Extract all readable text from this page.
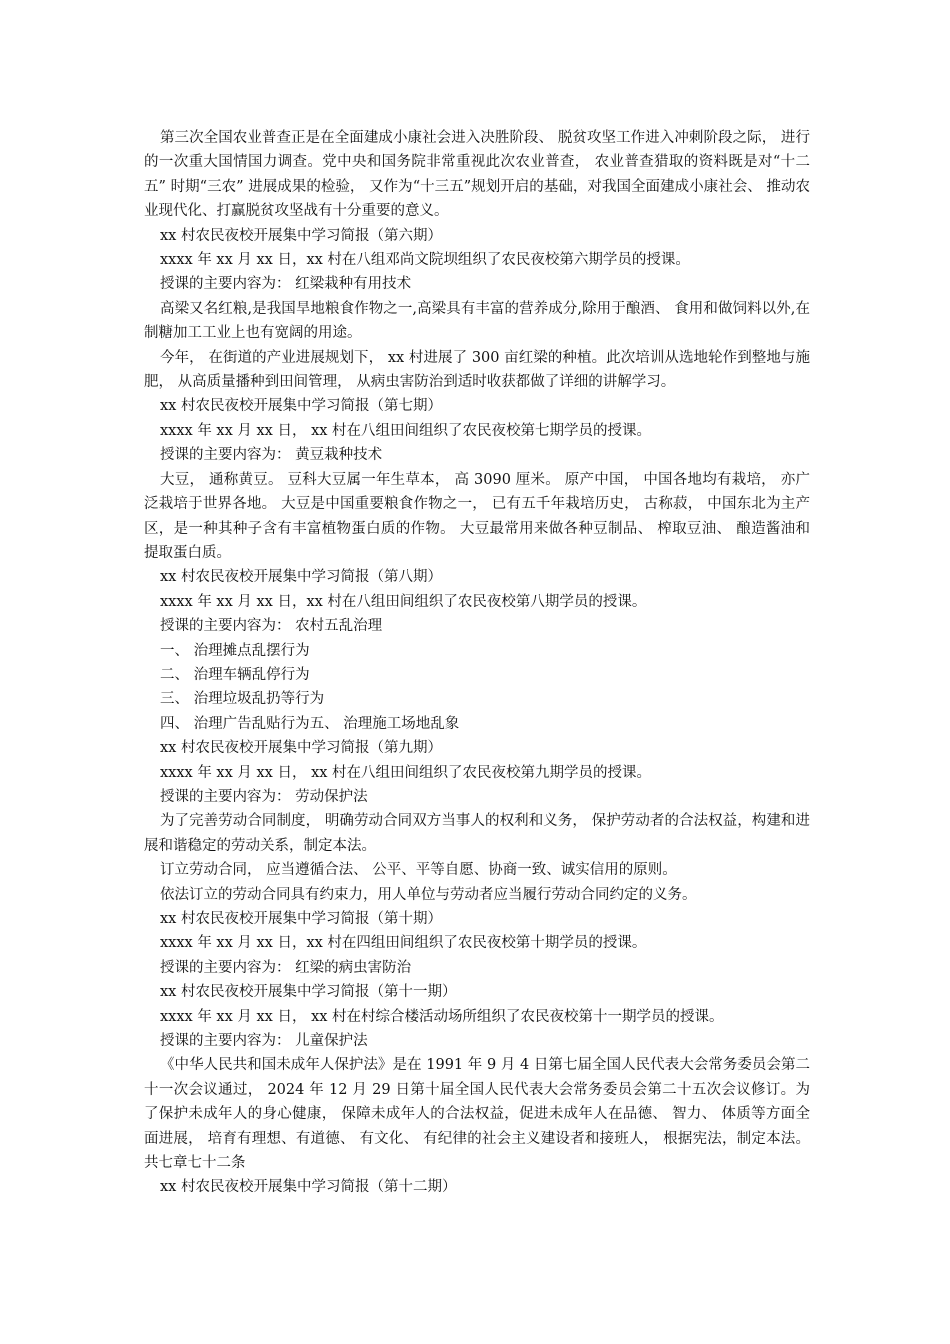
第三次全国农业普查正是在全面建成小康社会进入决胜阶段、 脱贫攻坚工作进入冲刺阶段之际， 进行的一次重大国情国力调查。党中央和国务院非常重视此次农业普查， 农业普查猎取的资料既是对“十二五” 时期“三农” 进展成果的检验， 又作为“十三五”规划开启的基础，对我国全面建成小康社会、 推动农业现代化、打赢脱贫攻坚战有十分重要的意义。

xx 村农民夜校开展集中学习简报（第六期）

xxxx 年 xx 月 xx 日，xx 村在八组邓尚文院坝组织了农民夜校第六期学员的授课。

授课的主要内容为： 红梁栽种有用技术

高梁又名红粮,是我国旱地粮食作物之一,高梁具有丰富的营养成分,除用于酿酒、 食用和做饲料以外,在制糖加工工业上也有宽阔的用途。

今年， 在街道的产业进展规划下， xx 村进展了 300 亩红梁的种植。此次培训从选地轮作到整地与施肥， 从高质量播种到田间管理， 从病虫害防治到适时收获都做了详细的讲解学习。

xx 村农民夜校开展集中学习简报（第七期）

xxxx 年 xx 月 xx 日， xx 村在八组田间组织了农民夜校第七期学员的授课。

授课的主要内容为： 黄豆栽种技术

大豆， 通称黄豆。 豆科大豆属一年生草本， 高 3090 厘米。 原产中国， 中国各地均有栽培， 亦广泛栽培于世界各地。 大豆是中国重要粮食作物之一， 已有五千年栽培历史， 古称菽， 中国东北为主产区，是一种其种子含有丰富植物蛋白质的作物。 大豆最常用来做各种豆制品、 榨取豆油、 酿造酱油和提取蛋白质。

xx 村农民夜校开展集中学习简报（第八期）

xxxx 年 xx 月 xx 日，xx 村在八组田间组织了农民夜校第八期学员的授课。

授课的主要内容为： 农村五乱治理

一、 治理摊点乱摆行为

二、 治理车辆乱停行为

三、 治理垃圾乱扔等行为

四、 治理广告乱贴行为五、 治理施工场地乱象

xx 村农民夜校开展集中学习简报（第九期）

xxxx 年 xx 月 xx 日， xx 村在八组田间组织了农民夜校第九期学员的授课。

授课的主要内容为： 劳动保护法

为了完善劳动合同制度， 明确劳动合同双方当事人的权利和义务， 保护劳动者的合法权益，构建和进展和谐稳定的劳动关系，制定本法。

订立劳动合同， 应当遵循合法、 公平、平等自愿、协商一致、诚实信用的原则。

依法订立的劳动合同具有约束力，用人单位与劳动者应当履行劳动合同约定的义务。

xx 村农民夜校开展集中学习简报（第十期）

xxxx 年 xx 月 xx 日，xx 村在四组田间组织了农民夜校第十期学员的授课。

授课的主要内容为： 红梁的病虫害防治

xx 村农民夜校开展集中学习简报（第十一期）

xxxx 年 xx 月 xx 日， xx 村在村综合楼活动场所组织了农民夜校第十一期学员的授课。

授课的主要内容为： 儿童保护法

《中华人民共和国未成年人保护法》是在 1991 年 9 月 4 日第七届全国人民代表大会常务委员会第二十一次会议通过， 2024 年 12 月 29 日第十届全国人民代表大会常务委员会第二十五次会议修订。为了保护未成年人的身心健康， 保障未成年人的合法权益，促进未成年人在品德、 智力、 体质等方面全面进展， 培育有理想、有道德、 有文化、 有纪律的社会主义建设者和接班人， 根据宪法，制定本法。 共七章七十二条

xx 村农民夜校开展集中学习简报（第十二期）
